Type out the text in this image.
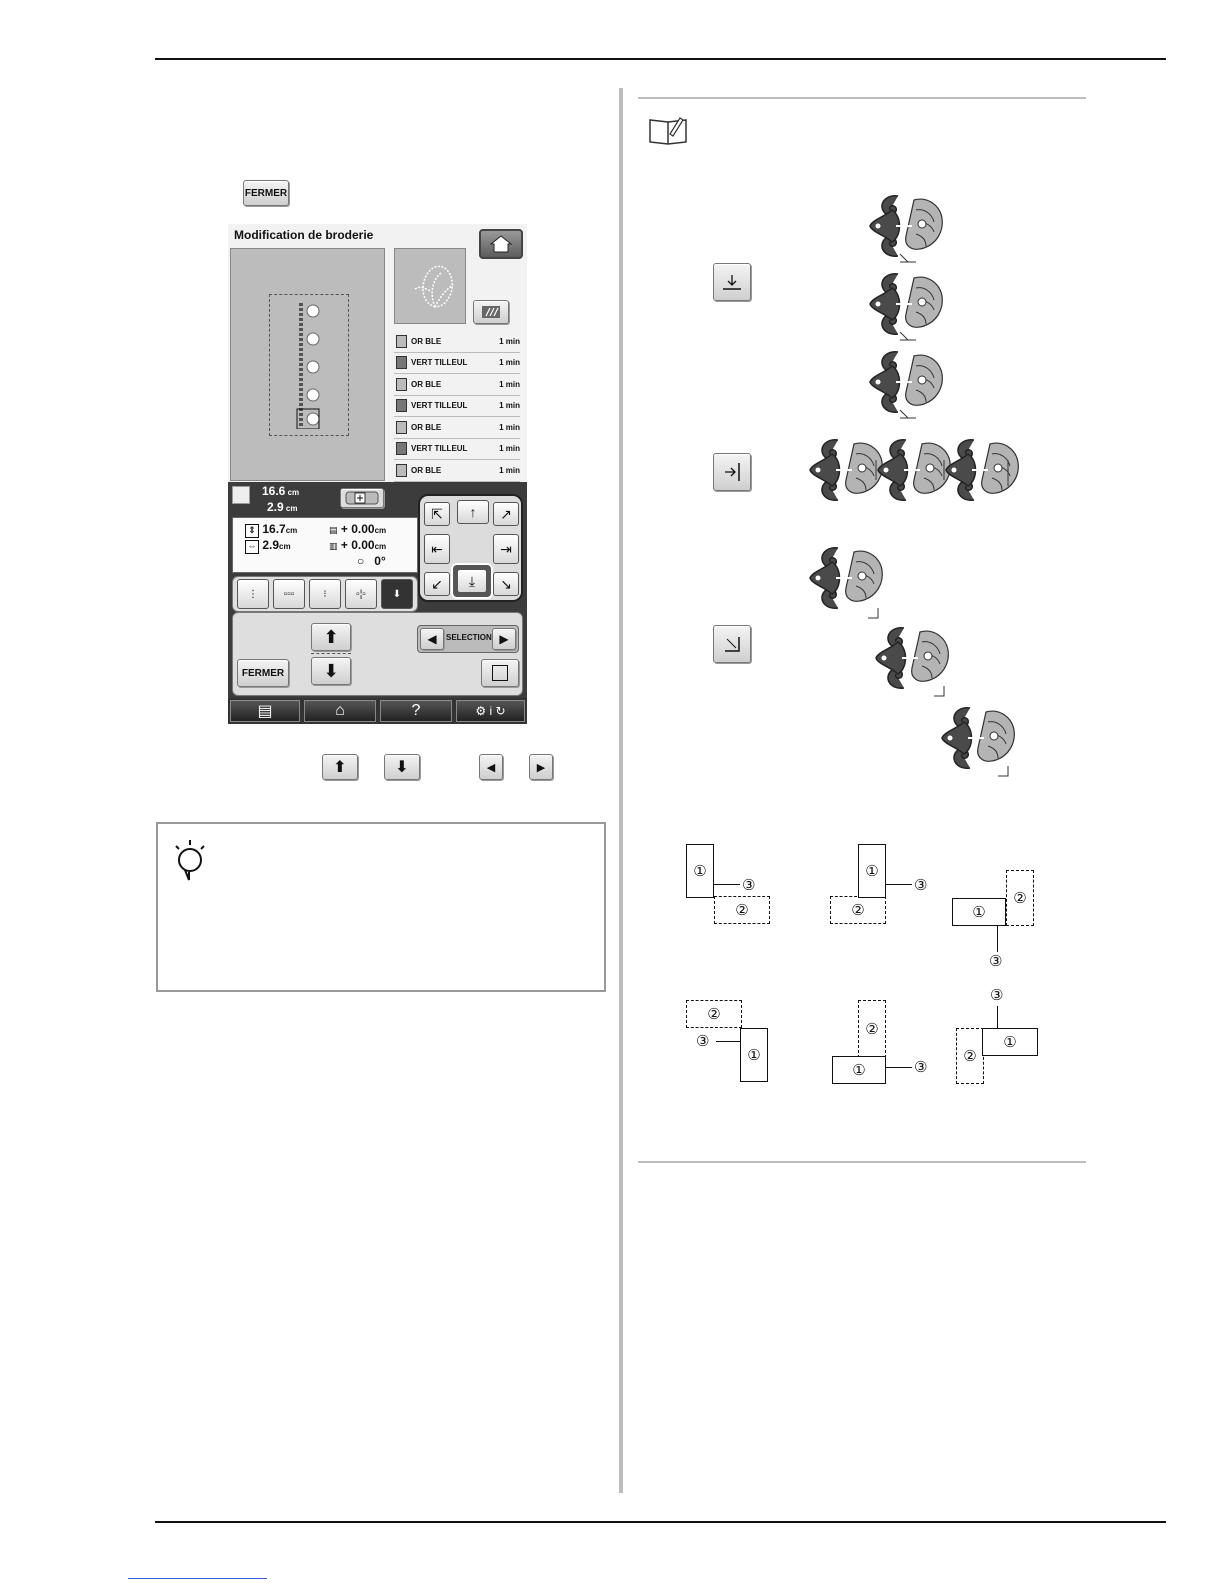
FERMER
Modification de broderie
OR BLE	1 min
VERT TILLEUL	1 min
OR BLE	1 min
VERT TILLEUL	1 min
OR BLE	1 min
VERT TILLEUL	1 min
OR BLE	1 min
16.6 cm
2.9 cm
⇕ 16.7cm
⇔ 2.9cm
▤ + 0.00cm
▥ + 0.00cm
○ 0°
⇱ ↑ ↗
⇤	⇥
↙ ⤓ ↘
⋮	▫▫▫	⁝	▫¦▫	⬇
⬆
⬇
FERMER
◀ SELECTION ▶
▤	⌂	?	⚙ i ↻
⬆	⬇	◀	▶
②
①
③
②
①
③
②
①
③
②
①
③
②
①	③
③
②
①
